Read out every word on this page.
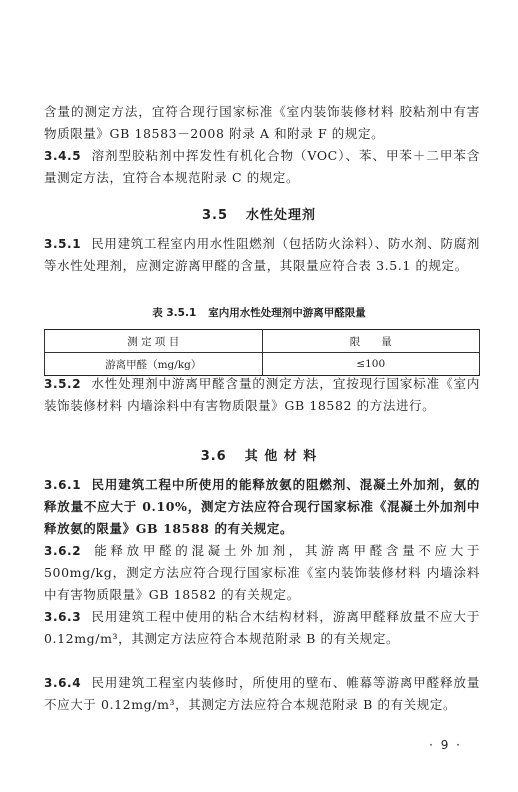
含量的测定方法，宜符合现行国家标准《室内装饰装修材料 胶粘剂中有害物质限量》GB 18583－2008 附录 A 和附录 F 的规定。
3.4.5 溶剂型胶粘剂中挥发性有机化合物（VOC）、苯、甲苯＋二甲苯含量测定方法，宜符合本规范附录 C 的规定。
3.5 水性处理剂
3.5.1 民用建筑工程室内用水性阻燃剂（包括防火涂料）、防水剂、防腐剂等水性处理剂，应测定游离甲醛的含量，其限量应符合表 3.5.1 的规定。
表 3.5.1 室内用水性处理剂中游离甲醛限量
测 定 项 目	限　　量
游离甲醛（mg/kg）	≤100
3.5.2 水性处理剂中游离甲醛含量的测定方法，宜按现行国家标准《室内装饰装修材料 内墙涂料中有害物质限量》GB 18582 的方法进行。
3.6 其 他 材 料
3.6.1 民用建筑工程中所使用的能释放氨的阻燃剂、混凝土外加剂，氨的释放量不应大于 0.10%，测定方法应符合现行国家标准《混凝土外加剂中释放氨的限量》GB 18588 的有关规定。
3.6.2 能释放甲醛的混凝土外加剂，其游离甲醛含量不应大于 500mg/kg，测定方法应符合现行国家标准《室内装饰装修材料 内墙涂料中有害物质限量》GB 18582 的有关规定。
3.6.3 民用建筑工程中使用的粘合木结构材料，游离甲醛释放量不应大于 0.12mg/m³，其测定方法应符合本规范附录 B 的有关规定。
3.6.4 民用建筑工程室内装修时，所使用的壁布、帷幕等游离甲醛释放量不应大于 0.12mg/m³，其测定方法应符合本规范附录 B 的有关规定。
· 9 ·
